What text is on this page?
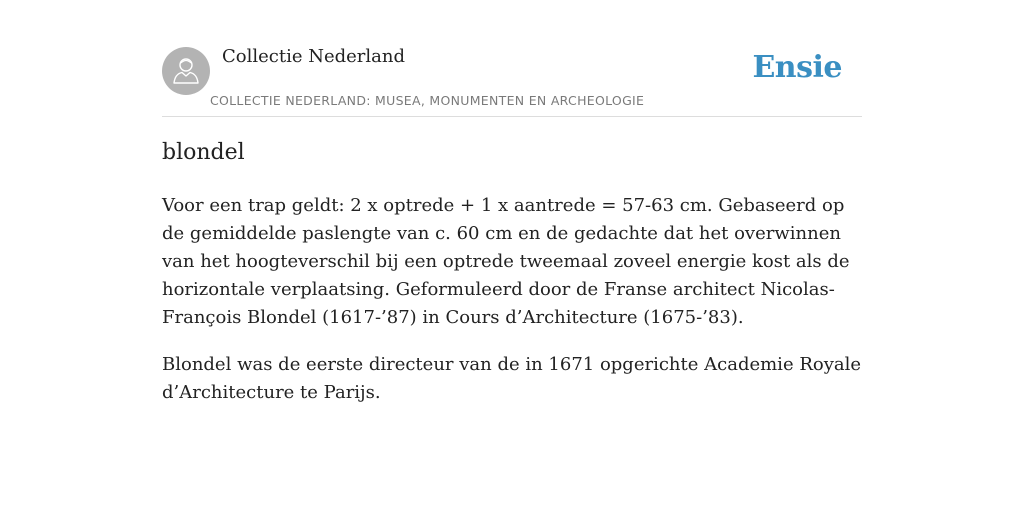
Collectie Nederland
COLLECTIE NEDERLAND: MUSEA, MONUMENTEN EN ARCHEOLOGIE
Ensie
blondel

Voor een trap geldt: 2 x optrede + 1 x aantrede = 57-63 cm. Gebaseerd op de gemiddelde paslengte van c. 60 cm en de gedachte dat het overwinnen van het hoogteverschil bij een optrede tweemaal zoveel energie kost als de horizontale verplaatsing. Geformuleerd door de Franse architect Nicolas-François Blondel (1617-’87) in Cours d’Architecture (1675-’83).

Blondel was de eerste directeur van de in 1671 opgerichte Academie Royale d’Architecture te Parijs.
